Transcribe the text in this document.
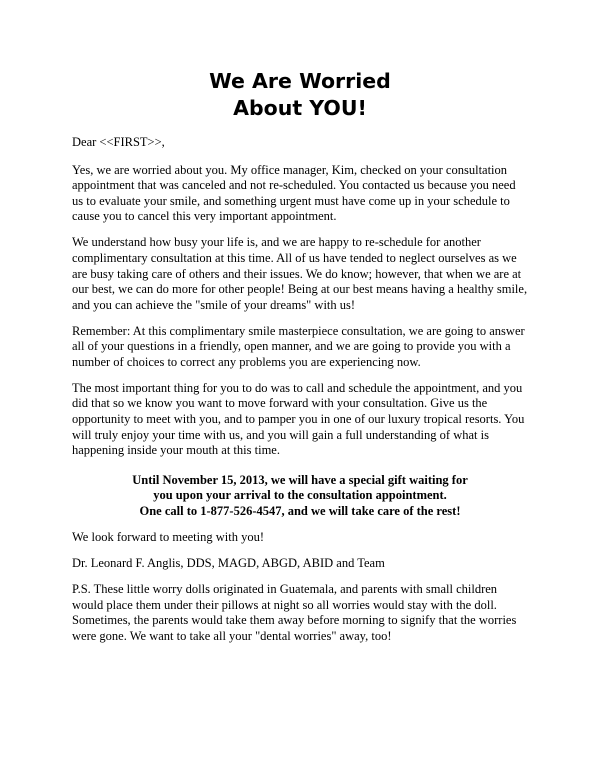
We Are Worried
About YOU!

Dear <<FIRST>>,

Yes, we are worried about you. My office manager, Kim, checked on your consultation appointment that was canceled and not re-scheduled. You contacted us because you need us to evaluate your smile, and something urgent must have come up in your schedule to cause you to cancel this very important appointment.

We understand how busy your life is, and we are happy to re-schedule for another complimentary consultation at this time. All of us have tended to neglect ourselves as we are busy taking care of others and their issues. We do know; however, that when we are at our best, we can do more for other people! Being at our best means having a healthy smile, and you can achieve the "smile of your dreams" with us!

Remember: At this complimentary smile masterpiece consultation, we are going to answer all of your questions in a friendly, open manner, and we are going to provide you with a number of choices to correct any problems you are experiencing now.

The most important thing for you to do was to call and schedule the appointment, and you did that so we know you want to move forward with your consultation. Give us the opportunity to meet with you, and to pamper you in one of our luxury tropical resorts. You will truly enjoy your time with us, and you will gain a full understanding of what is happening inside your mouth at this time.

Until November 15, 2013, we will have a special gift waiting for
you upon your arrival to the consultation appointment.
One call to 1-877-526-4547, and we will take care of the rest!

We look forward to meeting with you!

Dr. Leonard F. Anglis, DDS, MAGD, ABGD, ABID and Team

P.S. These little worry dolls originated in Guatemala, and parents with small children would place them under their pillows at night so all worries would stay with the doll. Sometimes, the parents would take them away before morning to signify that the worries were gone. We want to take all your "dental worries" away, too!
